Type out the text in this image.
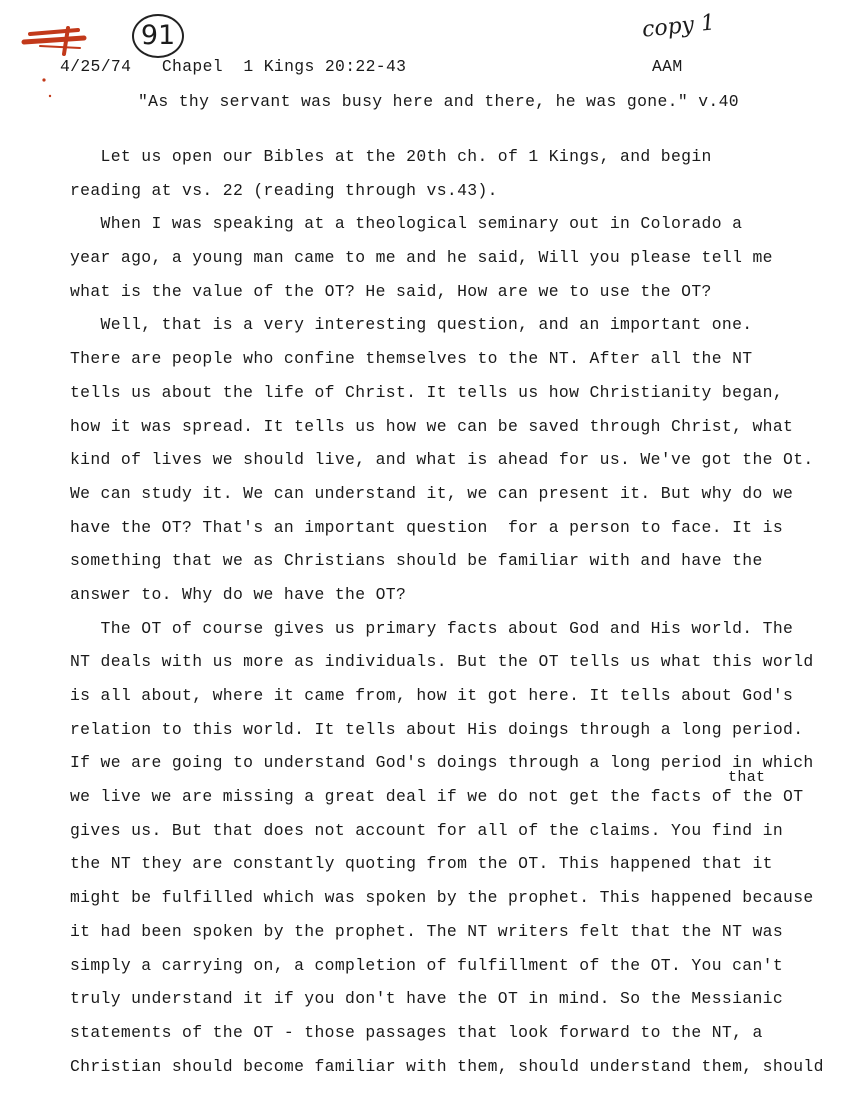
91	copy 1
4/25/74   Chapel  1 Kings 20:22-43	AAM
"As thy servant was busy here and there, he was gone." v.40
that
Let us open our Bibles at the 20th ch. of 1 Kings, and begin
reading at vs. 22 (reading through vs.43).
When I was speaking at a theological seminary out in Colorado a
year ago, a young man came to me and he said, Will you please tell me
what is the value of the OT? He said, How are we to use the OT?
Well, that is a very interesting question, and an important one.
There are people who confine themselves to the NT. After all the NT
tells us about the life of Christ. It tells us how Christianity began,
how it was spread. It tells us how we can be saved through Christ, what
kind of lives we should live, and what is ahead for us. We've got the Ot.
We can study it. We can understand it, we can present it. But why do we
have the OT? That's an important question  for a person to face. It is
something that we as Christians should be familiar with and have the
answer to. Why do we have the OT?
The OT of course gives us primary facts about God and His world. The
NT deals with us more as individuals. But the OT tells us what this world
is all about, where it came from, how it got here. It tells about God's
relation to this world. It tells about His doings through a long period.
If we are going to understand God's doings through a long period in which
we live we are missing a great deal if we do not get the facts of the OT
gives us. But that does not account for all of the claims. You find in
the NT they are constantly quoting from the OT. This happened that it
might be fulfilled which was spoken by the prophet. This happened because
it had been spoken by the prophet. The NT writers felt that the NT was
simply a carrying on, a completion of fulfillment of the OT. You can't
truly understand it if you don't have the OT in mind. So the Messianic
statements of the OT - those passages that look forward to the NT, a
Christian should become familiar with them, should understand them, should
